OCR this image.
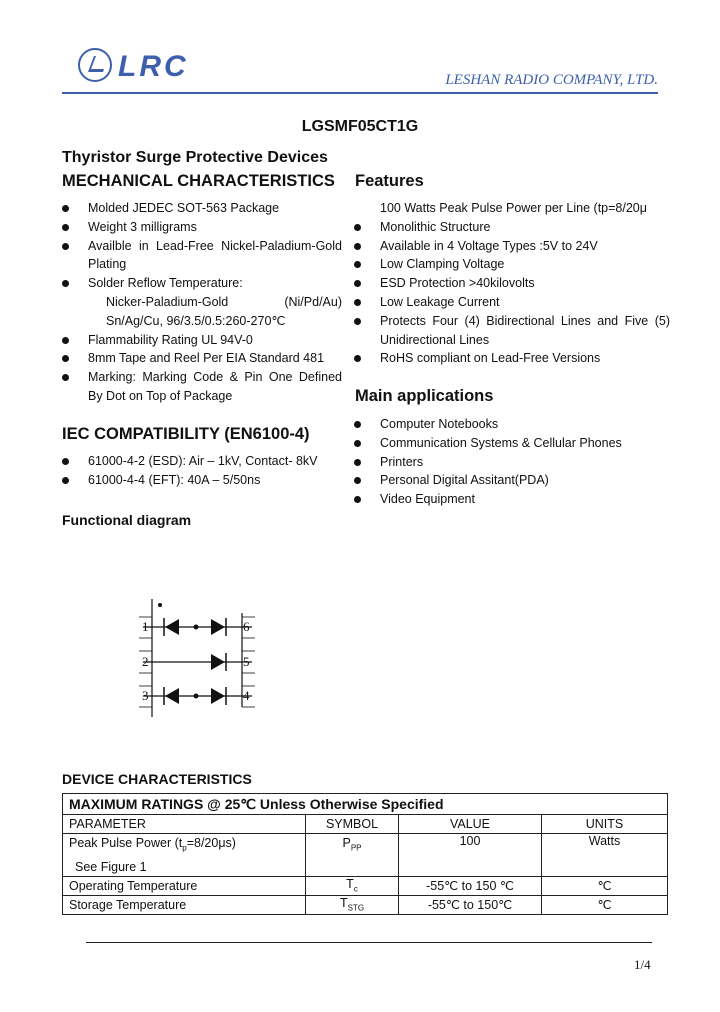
LRC	LESHAN RADIO COMPANY, LTD.
LGSMF05CT1G
Thyristor Surge Protective Devices
MECHANICAL CHARACTERISTICS
Molded JEDEC SOT-563 Package
Weight 3 milligrams
Availble in Lead-Free Nickel-Paladium-Gold
Plating
Solder Reflow Temperature:
Nicker-Paladium-Gold	(Ni/Pd/Au)
Sn/Ag/Cu, 96/3.5/0.5:260-270℃
Flammability Rating UL 94V-0
8mm Tape and Reel Per EIA Standard 481
Marking: Marking Code & Pin One Defined
By Dot on Top of Package
IEC COMPATIBILITY (EN6100-4)
61000-4-2 (ESD): Air – 1kV, Contact- 8kV
61000-4-4 (EFT): 40A – 5/50ns
Features
100 Watts Peak Pulse Power per Line (tp=8/20μ
Monolithic Structure
Available in 4 Voltage Types :5V to 24V
Low Clamping Voltage
ESD Protection >40kilovolts
Low Leakage Current
Protects Four (4) Bidirectional Lines and Five (5)
Unidirectional Lines
RoHS compliant on Lead-Free Versions
Main applications
Computer Notebooks
Communication Systems & Cellular Phones
Printers
Personal Digital Assitant(PDA)
Video Equipment
Functional diagram
1
2
3
6
5
4
DEVICE CHARACTERISTICS
MAXIMUM RATINGS @ 25℃ Unless Otherwise Specified			
PARAMETER	SYMBOL	VALUE	UNITS
Peak Pulse Power $(t_p=8/20\mu s)$
See Figure 1	$P_{PP}$	100	Watts
Operating Temperature	$T_c$	-55℃ to 150 ℃	℃
Storage Temperature	$T_{STG}$	-55℃ to 150℃	℃
1/4
